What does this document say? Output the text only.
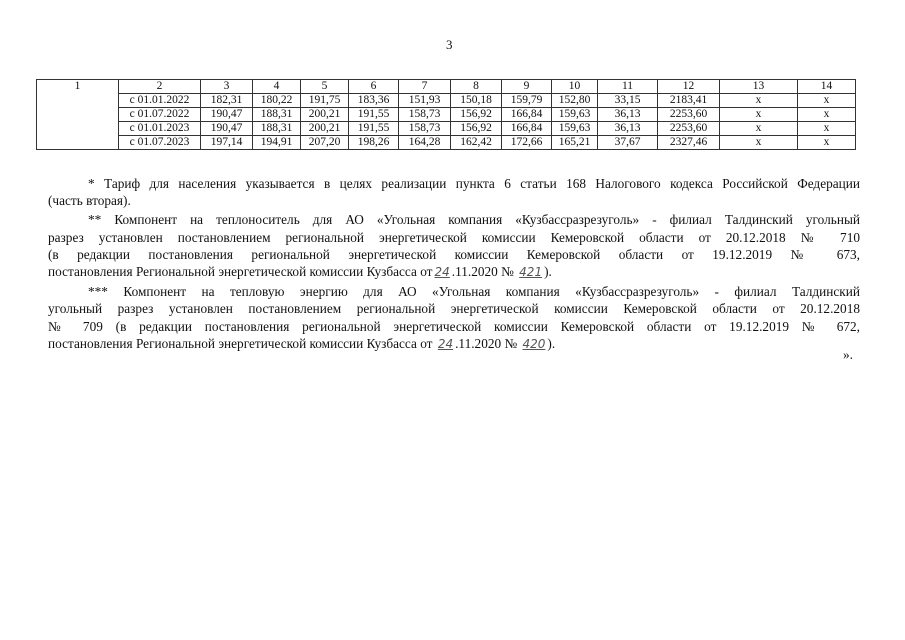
3
1	2	3	4	5	6	7	8	9	10	11	12	13	14
	с 01.01.2022	182,31	180,22	191,75	183,36	151,93	150,18	159,79	152,80	33,15	2183,41	x	x
	с 01.07.2022	190,47	188,31	200,21	191,55	158,73	156,92	166,84	159,63	36,13	2253,60	x	x
	с 01.01.2023	190,47	188,31	200,21	191,55	158,73	156,92	166,84	159,63	36,13	2253,60	x	x
	с 01.07.2023	197,14	194,91	207,20	198,26	164,28	162,42	172,66	165,21	37,67	2327,46	x	x
* Тариф для населения указывается в целях реализации пункта 6 статьи 168 Налогового кодекса Российской Федерации
(часть вторая).
** Компонент на теплоноситель для АО «Угольная компания «Кузбассразрезуголь» - филиал Талдинский угольный
разрез установлен постановлением региональной энергетической комиссии Кемеровской области от 20.12.2018 № 710
(в редакции постановления региональной энергетической комиссии Кемеровской области от 19.12.2019 № 673,
постановления Региональной энергетической комиссии Кузбасса от 24 .11.2020 № 421 ).
*** Компонент на тепловую энергию для АО «Угольная компания «Кузбассразрезуголь» - филиал Талдинский
угольный разрез установлен постановлением региональной энергетической комиссии Кемеровской области от 20.12.2018
№ 709 (в редакции постановления региональной энергетической комиссии Кемеровской области от 19.12.2019 № 672,
постановления Региональной энергетической комиссии Кузбасса от 24 .11.2020 № 420 ).
».
